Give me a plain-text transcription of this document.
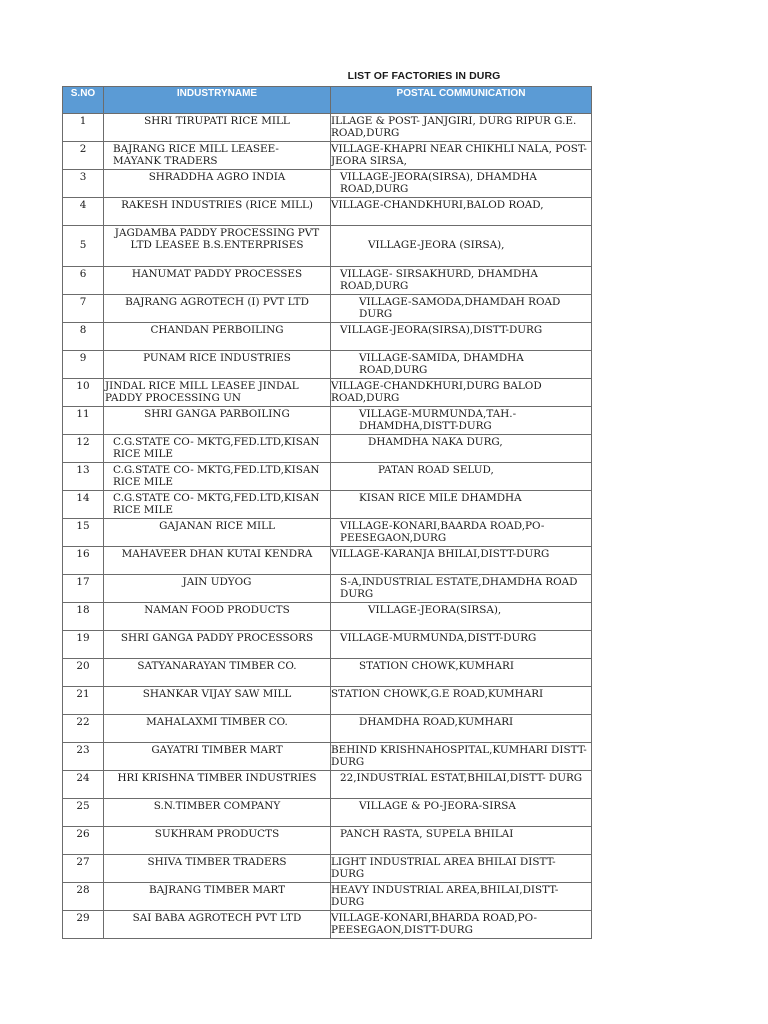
LIST OF FACTORIES IN DURG
S.NO	INDUSTRYNAME	POSTAL COMMUNICATION
1	SHRI TIRUPATI RICE MILL	ILLAGE & POST- JANJGIRI, DURG RIPUR G.E. ROAD,DURG
2	BAJRANG RICE MILL LEASEE- MAYANK TRADERS	VILLAGE-KHAPRI NEAR CHIKHLI NALA, POST-JEORA SIRSA,
3	SHRADDHA AGRO INDIA	VILLAGE-JEORA(SIRSA), DHAMDHA ROAD,DURG
4	RAKESH INDUSTRIES (RICE MILL)	VILLAGE-CHANDKHURI,BALOD ROAD,
5	JAGDAMBA PADDY PROCESSING PVT LTD LEASEE B.S.ENTERPRISES	VILLAGE-JEORA (SIRSA),
6	HANUMAT PADDY PROCESSES	VILLAGE- SIRSAKHURD, DHAMDHA ROAD,DURG
7	BAJRANG AGROTECH (I) PVT LTD	VILLAGE-SAMODA,DHAMDAH ROAD DURG
8	CHANDAN PERBOILING	VILLAGE-JEORA(SIRSA),DISTT-DURG
9	PUNAM RICE INDUSTRIES	VILLAGE-SAMIDA, DHAMDHA ROAD,DURG
10	JINDAL RICE MILL LEASEE JINDAL PADDY PROCESSING UN	VILLAGE-CHANDKHURI,DURG BALOD ROAD,DURG
11	SHRI GANGA PARBOILING	VILLAGE-MURMUNDA,TAH.-DHAMDHA,DISTT-DURG
12	C.G.STATE CO- MKTG,FED.LTD,KISAN RICE MILE	DHAMDHA NAKA DURG,
13	C.G.STATE CO- MKTG,FED.LTD,KISAN RICE MILE	PATAN ROAD SELUD,
14	C.G.STATE CO- MKTG,FED.LTD,KISAN RICE MILE	KISAN RICE MILE DHAMDHA
15	GAJANAN RICE MILL	VILLAGE-KONARI,BAARDA ROAD,PO-PEESEGAON,DURG
16	MAHAVEER DHAN KUTAI KENDRA	VILLAGE-KARANJA BHILAI,DISTT-DURG
17	JAIN UDYOG	S-A,INDUSTRIAL ESTATE,DHAMDHA ROAD DURG
18	NAMAN FOOD PRODUCTS	VILLAGE-JEORA(SIRSA),
19	SHRI GANGA PADDY PROCESSORS	VILLAGE-MURMUNDA,DISTT-DURG
20	SATYANARAYAN TIMBER CO.	STATION CHOWK,KUMHARI
21	SHANKAR VIJAY SAW MILL	STATION CHOWK,G.E ROAD,KUMHARI
22	MAHALAXMI TIMBER CO.	DHAMDHA ROAD,KUMHARI
23	GAYATRI TIMBER MART	BEHIND KRISHNAHOSPITAL,KUMHARI DISTT-DURG
24	HRI KRISHNA TIMBER INDUSTRIES	22,INDUSTRIAL ESTAT,BHILAI,DISTT- DURG
25	S.N.TIMBER COMPANY	VILLAGE & PO-JEORA-SIRSA
26	SUKHRAM PRODUCTS	PANCH RASTA, SUPELA BHILAI
27	SHIVA TIMBER TRADERS	LIGHT INDUSTRIAL AREA BHILAI DISTT- DURG
28	BAJRANG TIMBER MART	HEAVY INDUSTRIAL AREA,BHILAI,DISTT-DURG
29	SAI BABA AGROTECH PVT LTD	VILLAGE-KONARI,BHARDA ROAD,PO-PEESEGAON,DISTT-DURG
